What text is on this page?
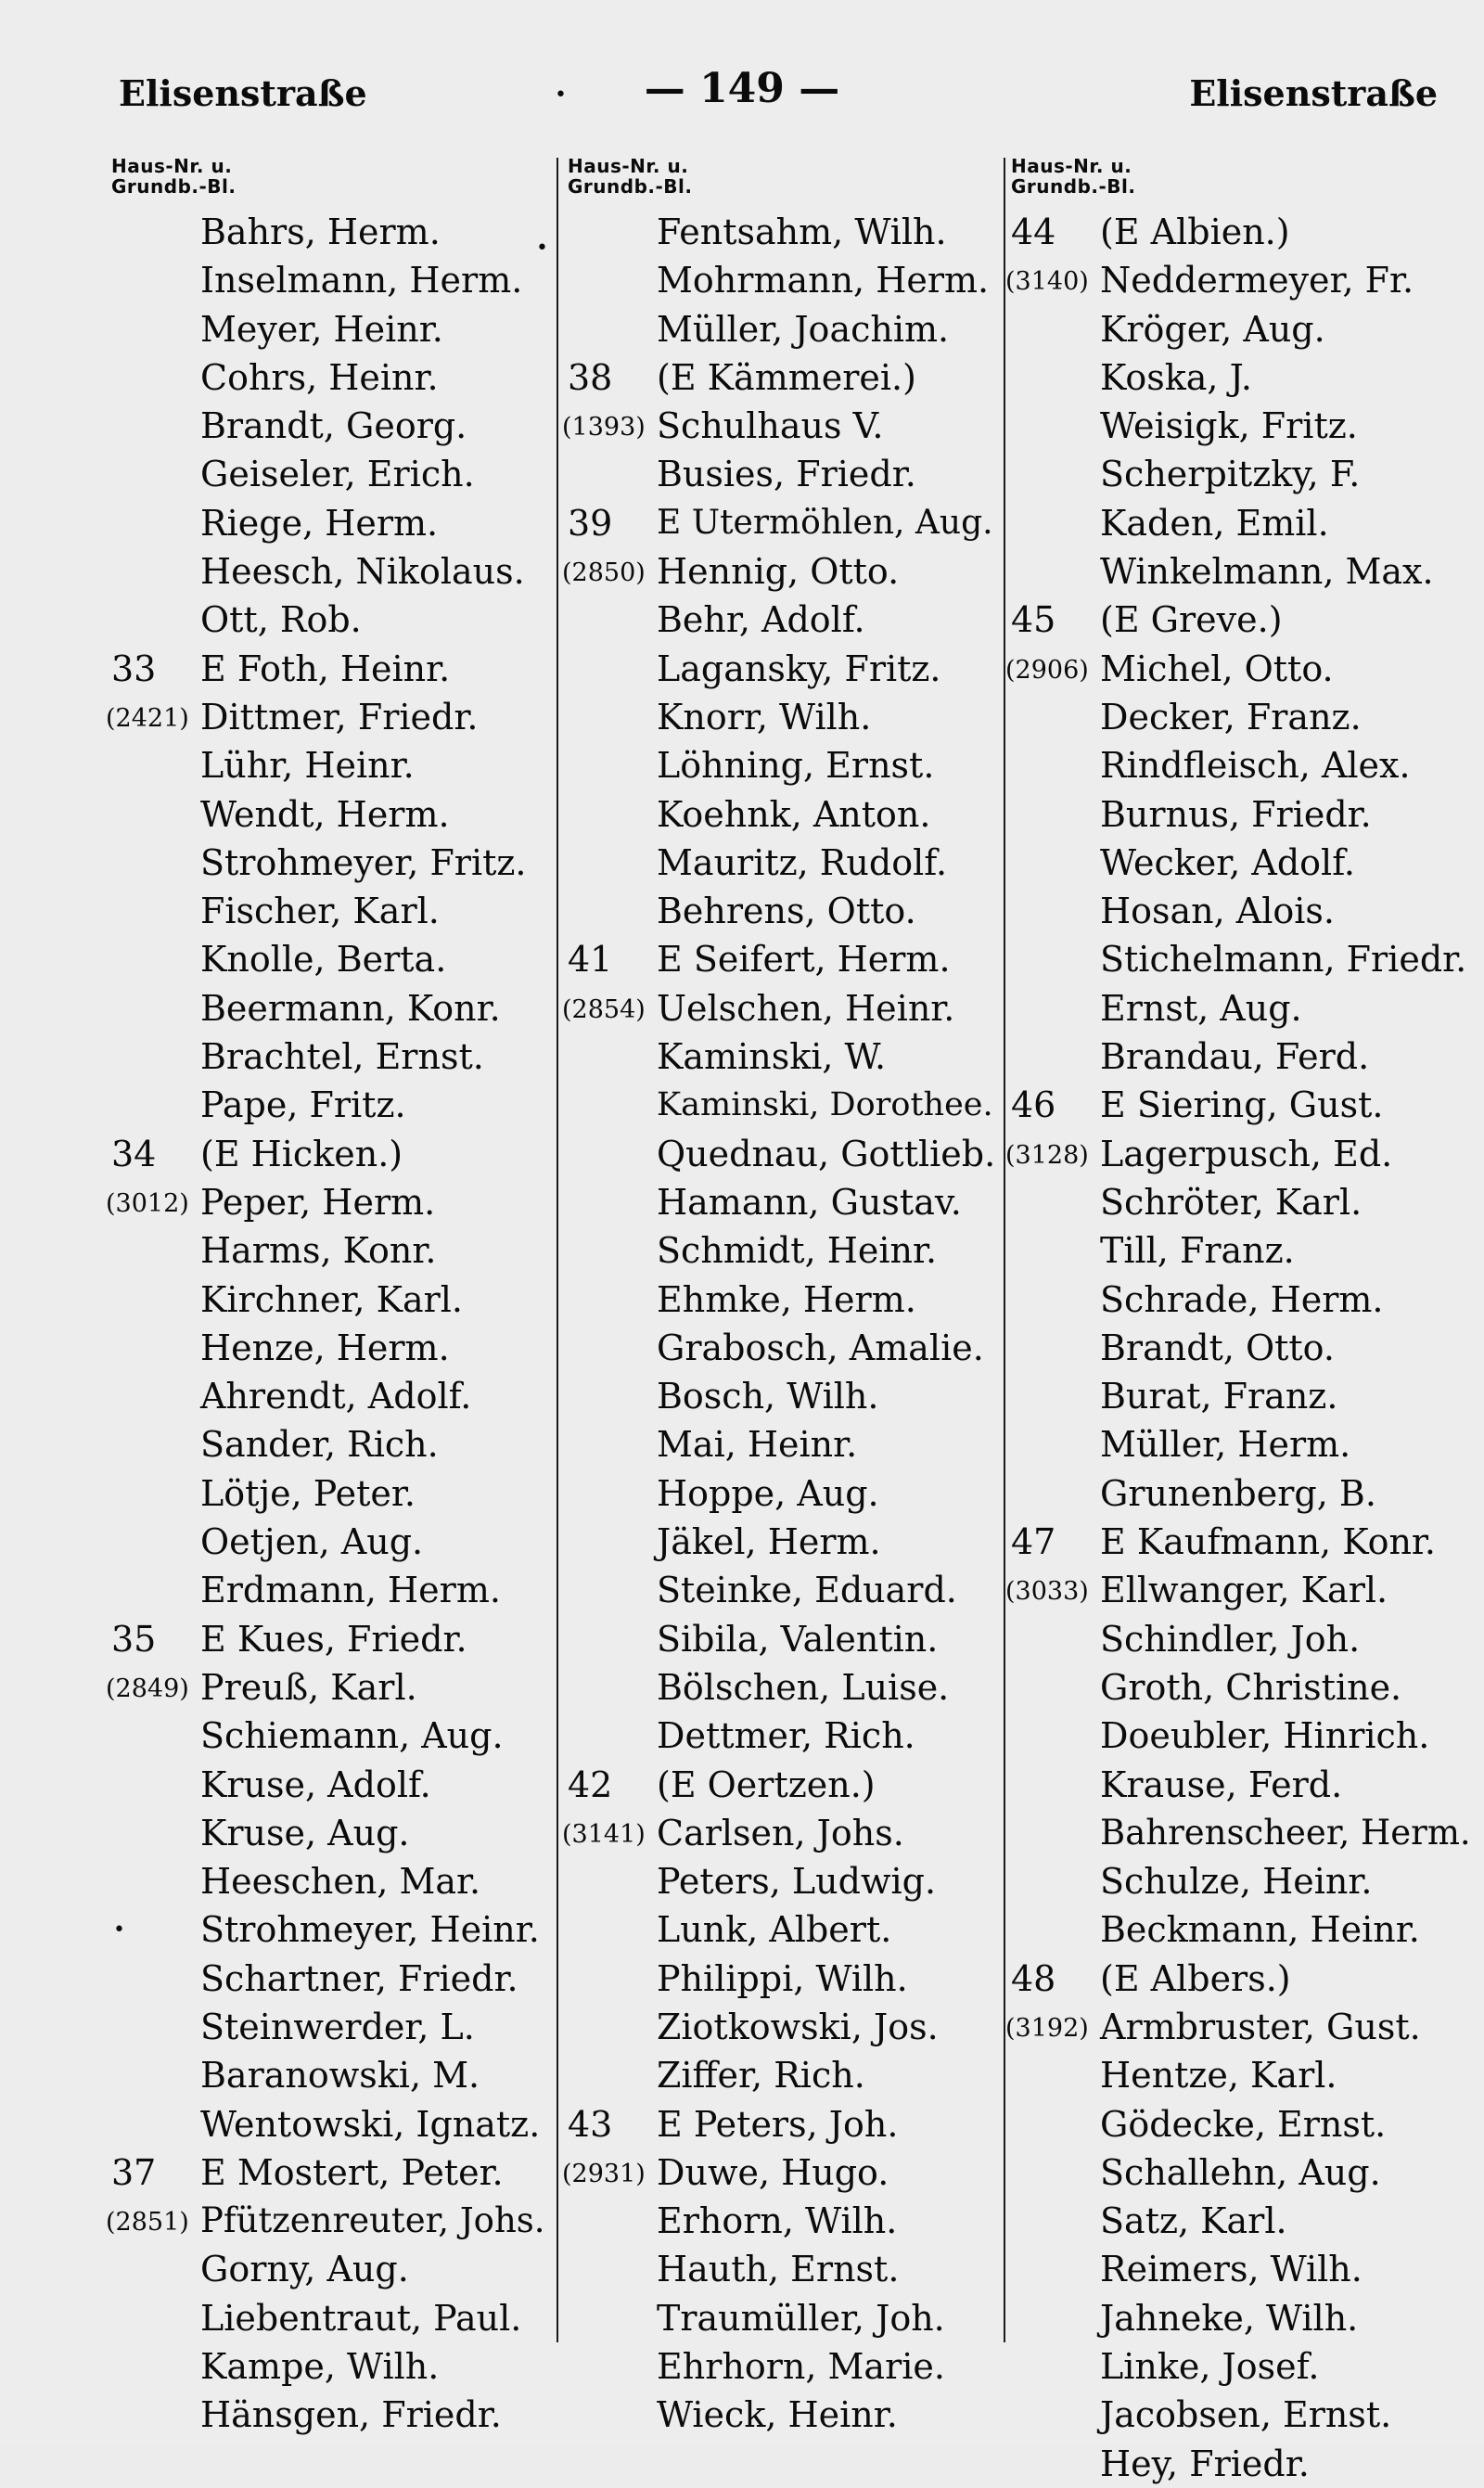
Elisenstraße	— 149 —	Elisenstraße
•
•
•
Haus-Nr. u.
Grundb.-Bl.
Bahrs, Herm.
Inselmann, Herm.
Meyer, Heinr.
Cohrs, Heinr.
Brandt, Georg.
Geiseler, Erich.
Riege, Herm.
Heesch, Nikolaus.
Ott, Rob.
33	E Foth, Heinr.
(2421) Dittmer, Friedr.
Lühr, Heinr.
Wendt, Herm.
Strohmeyer, Fritz.
Fischer, Karl.
Knolle, Berta.
Beermann, Konr.
Brachtel, Ernst.
Pape, Fritz.
34	(E Hicken.)
(3012) Peper, Herm.
Harms, Konr.
Kirchner, Karl.
Henze, Herm.
Ahrendt, Adolf.
Sander, Rich.
Lötje, Peter.
Oetjen, Aug.
Erdmann, Herm.
35	E Kues, Friedr.
(2849) Preuß, Karl.
Schiemann, Aug.
Kruse, Adolf.
Kruse, Aug.
Heeschen, Mar.
Strohmeyer, Heinr.
Schartner, Friedr.
Steinwerder, L.
Baranowski, M.
Wentowski, Ignatz.
37	E Mostert, Peter.
(2851) Pfützenreuter, Johs.
Gorny, Aug.
Liebentraut, Paul.
Kampe, Wilh.
Hänsgen, Friedr.
Haus-Nr. u.
Grundb.-Bl.
Fentsahm, Wilh.
Mohrmann, Herm.
Müller, Joachim.
38	(E Kämmerei.)
(1393) Schulhaus V.
Busies, Friedr.
39	E Utermöhlen, Aug.
(2850) Hennig, Otto.
Behr, Adolf.
Lagansky, Fritz.
Knorr, Wilh.
Löhning, Ernst.
Koehnk, Anton.
Mauritz, Rudolf.
Behrens, Otto.
41	E Seifert, Herm.
(2854) Uelschen, Heinr.
Kaminski, W.
Kaminski, Dorothee.
Quednau, Gottlieb.
Hamann, Gustav.
Schmidt, Heinr.
Ehmke, Herm.
Grabosch, Amalie.
Bosch, Wilh.
Mai, Heinr.
Hoppe, Aug.
Jäkel, Herm.
Steinke, Eduard.
Sibila, Valentin.
Bölschen, Luise.
Dettmer, Rich.
42	(E Oertzen.)
(3141) Carlsen, Johs.
Peters, Ludwig.
Lunk, Albert.
Philippi, Wilh.
Ziotkowski, Jos.
Ziffer, Rich.
43	E Peters, Joh.
(2931) Duwe, Hugo.
Erhorn, Wilh.
Hauth, Ernst.
Traumüller, Joh.
Ehrhorn, Marie.
Wieck, Heinr.
Haus-Nr. u.
Grundb.-Bl.
44	(E Albien.)
(3140) Neddermeyer, Fr.
Kröger, Aug.
Koska, J.
Weisigk, Fritz.
Scherpitzky, F.
Kaden, Emil.
Winkelmann, Max.
45	(E Greve.)
(2906) Michel, Otto.
Decker, Franz.
Rindfleisch, Alex.
Burnus, Friedr.
Wecker, Adolf.
Hosan, Alois.
Stichelmann, Friedr.
Ernst, Aug.
Brandau, Ferd.
46	E Siering, Gust.
(3128) Lagerpusch, Ed.
Schröter, Karl.
Till, Franz.
Schrade, Herm.
Brandt, Otto.
Burat, Franz.
Müller, Herm.
Grunenberg, B.
47	E Kaufmann, Konr.
(3033) Ellwanger, Karl.
Schindler, Joh.
Groth, Christine.
Doeubler, Hinrich.
Krause, Ferd.
Bahrenscheer, Herm.
Schulze, Heinr.
Beckmann, Heinr.
48	(E Albers.)
(3192) Armbruster, Gust.
Hentze, Karl.
Gödecke, Ernst.
Schallehn, Aug.
Satz, Karl.
Reimers, Wilh.
Jahneke, Wilh.
Linke, Josef.
Jacobsen, Ernst.
Hey, Friedr.
